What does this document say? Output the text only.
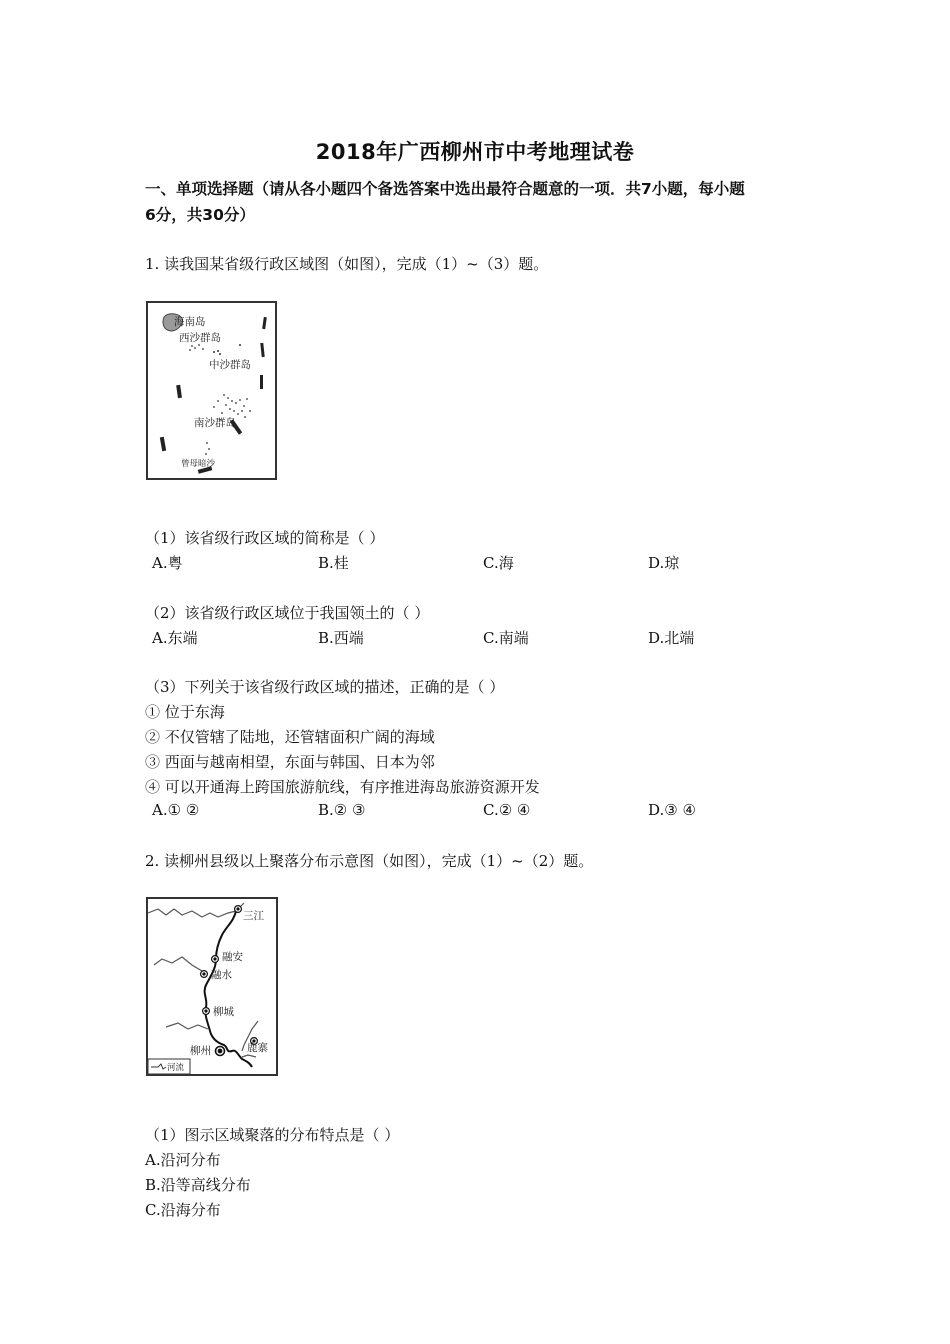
2018年广西柳州市中考地理试卷
一、单项选择题（请从各小题四个备选答案中选出最符合题意的一项．共7小题，每小题
6分，共30分）
1. 读我国某省级行政区域图（如图），完成（1）~（3）题。
海南岛
西沙群岛
中沙群岛
南沙群岛
曾母暗沙
（1）该省级行政区域的简称是（ ）
A.粤	B.桂	C.海	D.琼
（2）该省级行政区域位于我国领土的（ ）
A.东端	B.西端	C.南端	D.北端
（3）下列关于该省级行政区域的描述，正确的是（ ）
① 位于东海
② 不仅管辖了陆地，还管辖面积广阔的海域
③ 西面与越南相望，东面与韩国、日本为邻
④ 可以开通海上跨国旅游航线，有序推进海岛旅游资源开发
A.① ②	B.② ③	C.② ④	D.③ ④
2. 读柳州县级以上聚落分布示意图（如图），完成（1）~（2）题。
三江
融安
融水
柳城
柳州	鹿寨
河流
（1）图示区域聚落的分布特点是（ ）
A.沿河分布
B.沿等高线分布
C.沿海分布
